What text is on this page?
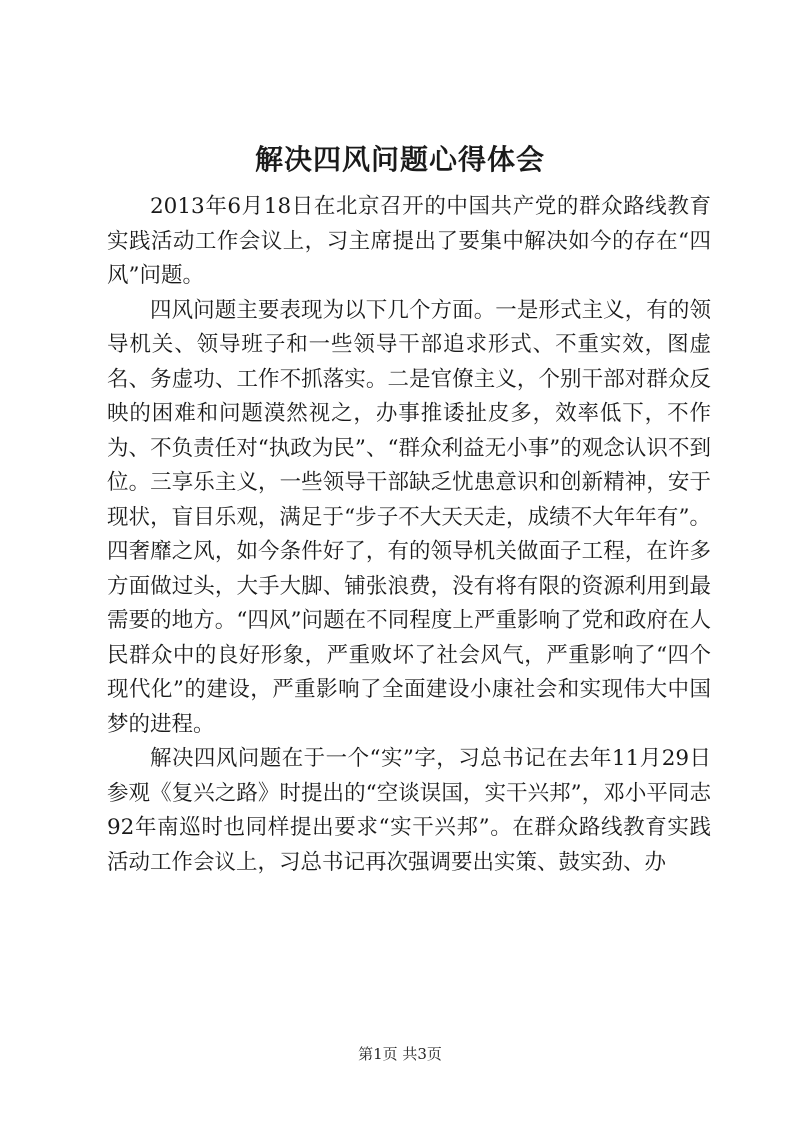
解决四风问题心得体会

2013年6月18日在北京召开的中国共产党的群众路线教育实践活动工作会议上，习主席提出了要集中解决如今的存在“四风”问题。

四风问题主要表现为以下几个方面。一是形式主义，有的领导机关、领导班子和一些领导干部追求形式、不重实效，图虚名、务虚功、工作不抓落实。二是官僚主义，个别干部对群众反映的困难和问题漠然视之，办事推诿扯皮多，效率低下，不作为、不负责任对“执政为民”、“群众利益无小事”的观念认识不到位。三享乐主义，一些领导干部缺乏忧患意识和创新精神，安于现状，盲目乐观，满足于“步子不大天天走，成绩不大年年有”。四奢靡之风，如今条件好了，有的领导机关做面子工程，在许多方面做过头，大手大脚、铺张浪费，没有将有限的资源利用到最需要的地方。“四风”问题在不同程度上严重影响了党和政府在人民群众中的良好形象，严重败坏了社会风气，严重影响了“四个现代化”的建设，严重影响了全面建设小康社会和实现伟大中国梦的进程。

解决四风问题在于一个“实”字，习总书记在去年11月29日参观《复兴之路》时提出的“空谈误国，实干兴邦”，邓小平同志92年南巡时也同样提出要求“实干兴邦”。在群众路线教育实践活动工作会议上，习总书记再次强调要出实策、鼓实劲、办

第1页 共3页
